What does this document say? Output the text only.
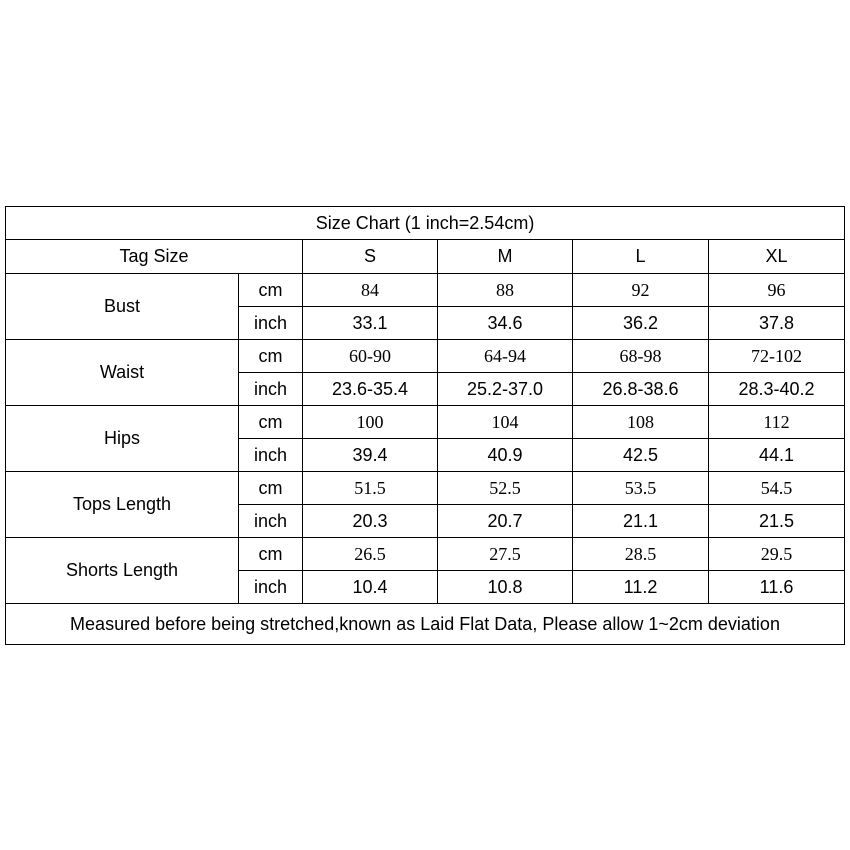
Size Chart (1 inch=2.54cm)					
Tag Size		S	M	L	XL
Bust	cm	84	88	92	96
	inch	33.1	34.6	36.2	37.8
Waist	cm	60-90	64-94	68-98	72-102
	inch	23.6-35.4	25.2-37.0	26.8-38.6	28.3-40.2
Hips	cm	100	104	108	112
	inch	39.4	40.9	42.5	44.1
Tops Length	cm	51.5	52.5	53.5	54.5
	inch	20.3	20.7	21.1	21.5
Shorts Length	cm	26.5	27.5	28.5	29.5
	inch	10.4	10.8	11.2	11.6
Measured before being stretched,known as Laid Flat Data, Please allow 1~2cm deviation					
